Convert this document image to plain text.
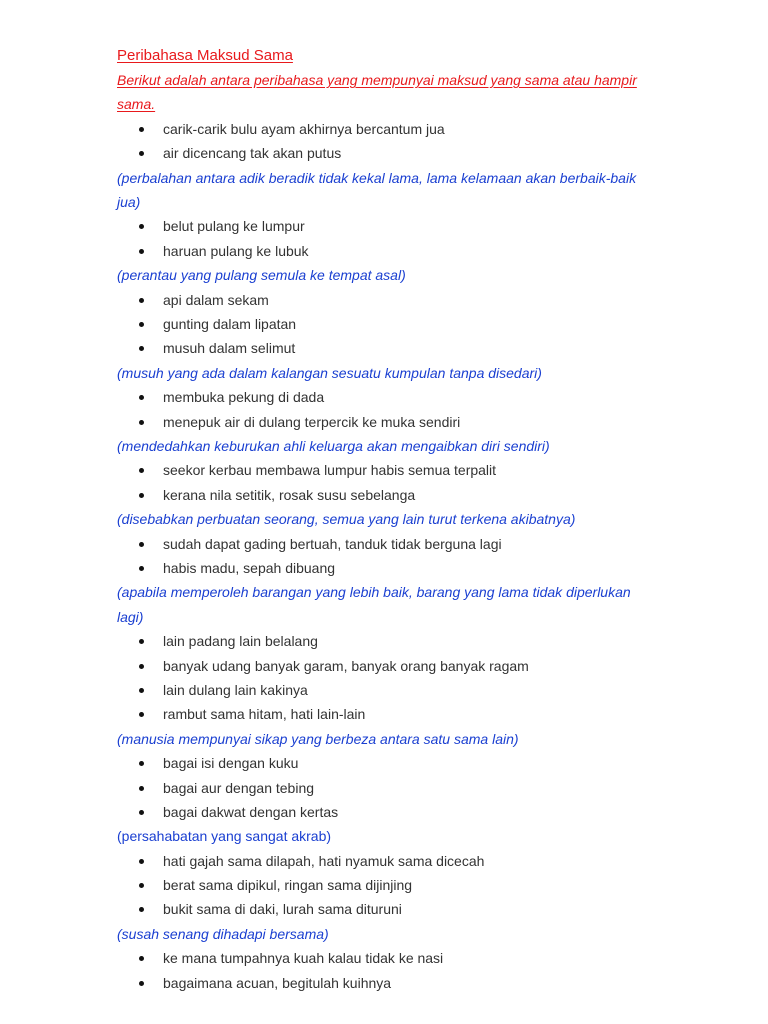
Peribahasa Maksud Sama

Berikut adalah antara peribahasa yang mempunyai maksud yang sama atau hampir sama.

carik-carik bulu ayam akhirnya bercantum jua
air dicencang tak akan putus

(perbalahan antara adik beradik tidak kekal lama, lama kelamaan akan berbaik-baik jua)

belut pulang ke lumpur
haruan pulang ke lubuk

(perantau yang pulang semula ke tempat asal)

api dalam sekam
gunting dalam lipatan
musuh dalam selimut

(musuh yang ada dalam kalangan sesuatu kumpulan tanpa disedari)

membuka pekung di dada
menepuk air di dulang terpercik ke muka sendiri

(mendedahkan keburukan ahli keluarga akan mengaibkan diri sendiri)

seekor kerbau membawa lumpur habis semua terpalit
kerana nila setitik, rosak susu sebelanga

(disebabkan perbuatan seorang, semua yang lain turut terkena akibatnya)

sudah dapat gading bertuah, tanduk tidak berguna lagi
habis madu, sepah dibuang

(apabila memperoleh barangan yang lebih baik, barang yang lama tidak diperlukan lagi)

lain padang lain belalang
banyak udang banyak garam, banyak orang banyak ragam
lain dulang lain kakinya
rambut sama hitam, hati lain-lain

(manusia mempunyai sikap yang berbeza antara satu sama lain)

bagai isi dengan kuku
bagai aur dengan tebing
bagai dakwat dengan kertas

(persahabatan yang sangat akrab)

hati gajah sama dilapah, hati nyamuk sama dicecah
berat sama dipikul, ringan sama dijinjing
bukit sama di daki, lurah sama dituruni

(susah senang dihadapi bersama)

ke mana tumpahnya kuah kalau tidak ke nasi
bagaimana acuan, begitulah kuihnya
